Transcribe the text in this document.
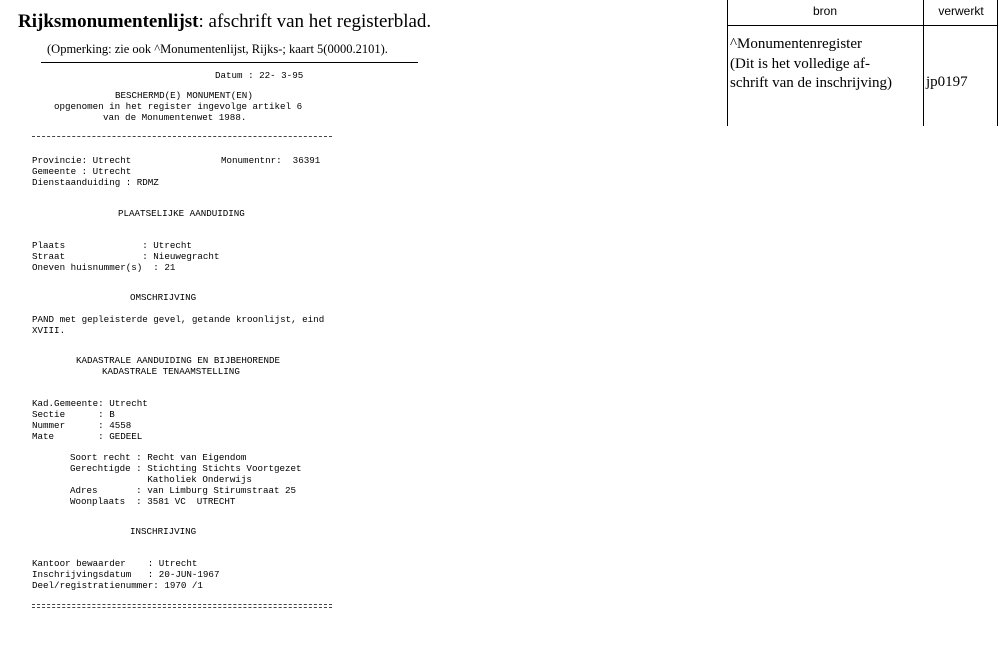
Rijksmonumentenlijst: afschrift van het registerblad.
(Opmerking: zie ook ^Monumentenlijst, Rijks-; kaart 5(0000.2101).
Datum : 22- 3-95
BESCHERMD(E) MONUMENT(EN)
opgenomen in het register ingevolge artikel 6
van de Monumentenwet 1988.
Provincie: Utrecht	Monumentnr:  36391
Gemeente : Utrecht
Dienstaanduiding : RDMZ
PLAATSELIJKE AANDUIDING
Plaats              : Utrecht
Straat              : Nieuwegracht
Oneven huisnummer(s)  : 21
OMSCHRIJVING
PAND met gepleisterde gevel, getande kroonlijst, eind
XVIII.
KADASTRALE AANDUIDING EN BIJBEHORENDE
KADASTRALE TENAAMSTELLING
Kad.Gemeente: Utrecht
Sectie      : B
Nummer      : 4558
Mate        : GEDEEL
Soort recht : Recht van Eigendom
Gerechtigde : Stichting Stichts Voortgezet
Katholiek Onderwijs
Adres       : van Limburg Stirumstraat 25
Woonplaats  : 3581 VC  UTRECHT
INSCHRIJVING
Kantoor bewaarder    : Utrecht
Inschrijvingsdatum   : 20-JUN-1967
Deel/registratienummer: 1970 /1
bron	verwerkt
^Monumentenregister
(Dit is het volledige af-
schrift van de inschrijving) jp0197
